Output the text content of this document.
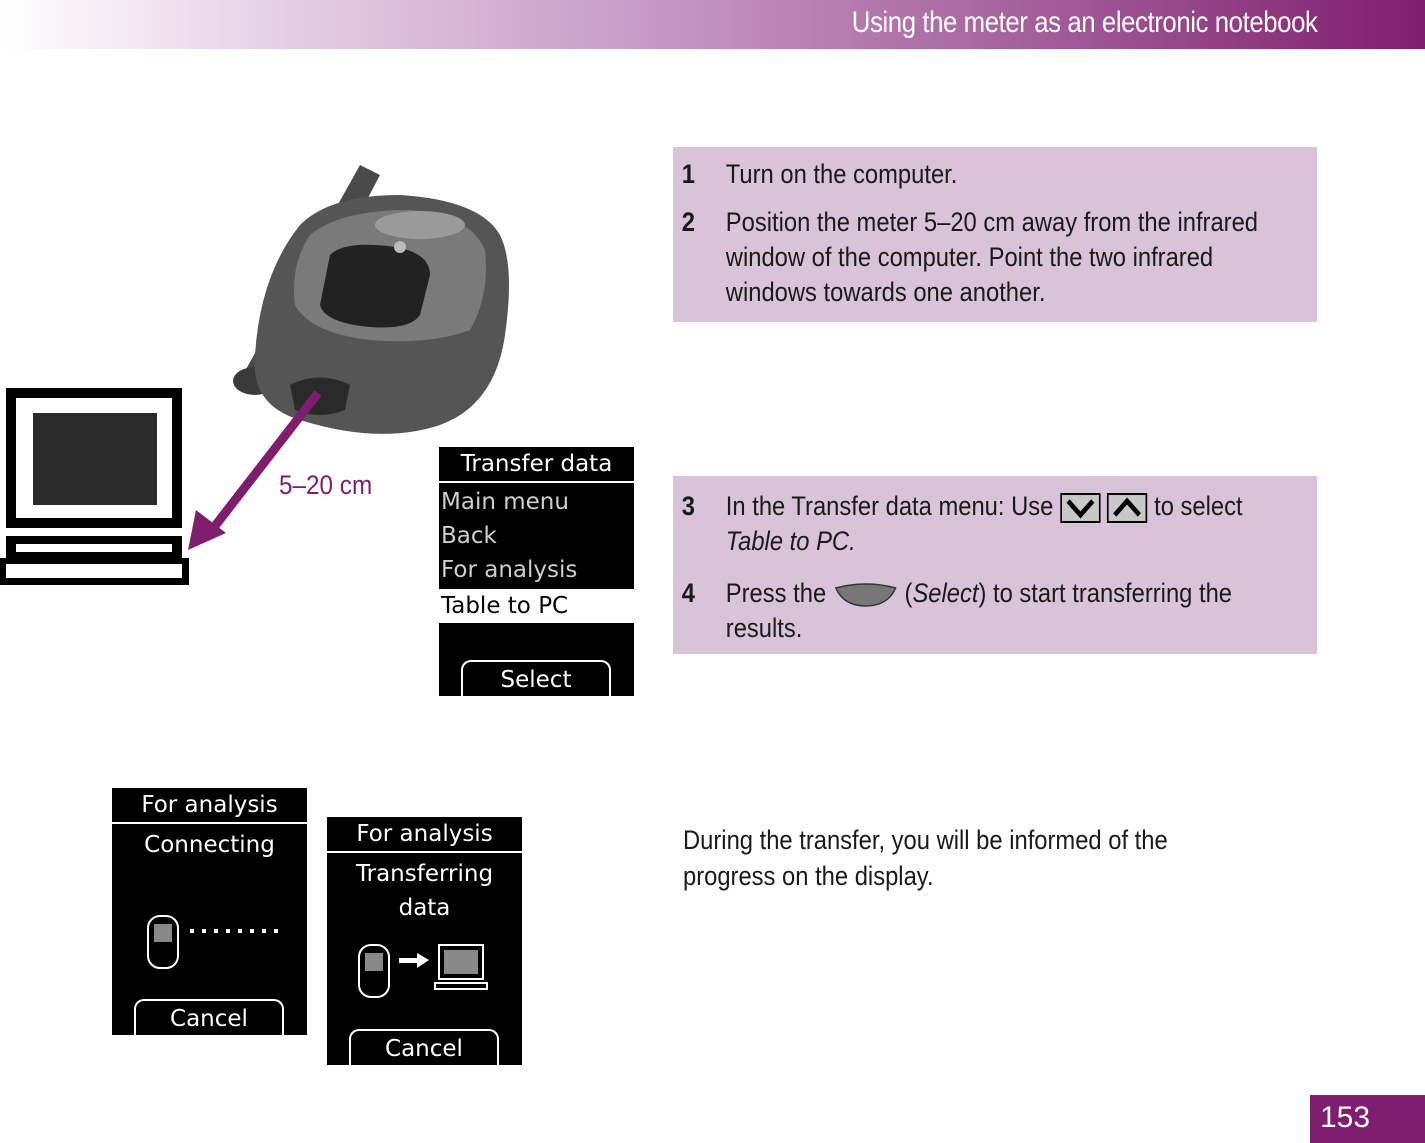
Using the meter as an electronic notebook
5–20 cm
Transfer data
Main menu
Back
For analysis
Table to PC
Select
For analysis
Connecting
Cancel
For analysis
Transferring
data
Cancel
1 Turn on the computer.
2 Position the meter 5–20 cm away from the infrared
window of the computer. Point the two infrared
windows towards one another.
3 In the Transfer data menu: Use	to select
Table to PC.
4 Press the	(Select) to start transferring the
results.
During the transfer, you will be informed of the
progress on the display.
153
